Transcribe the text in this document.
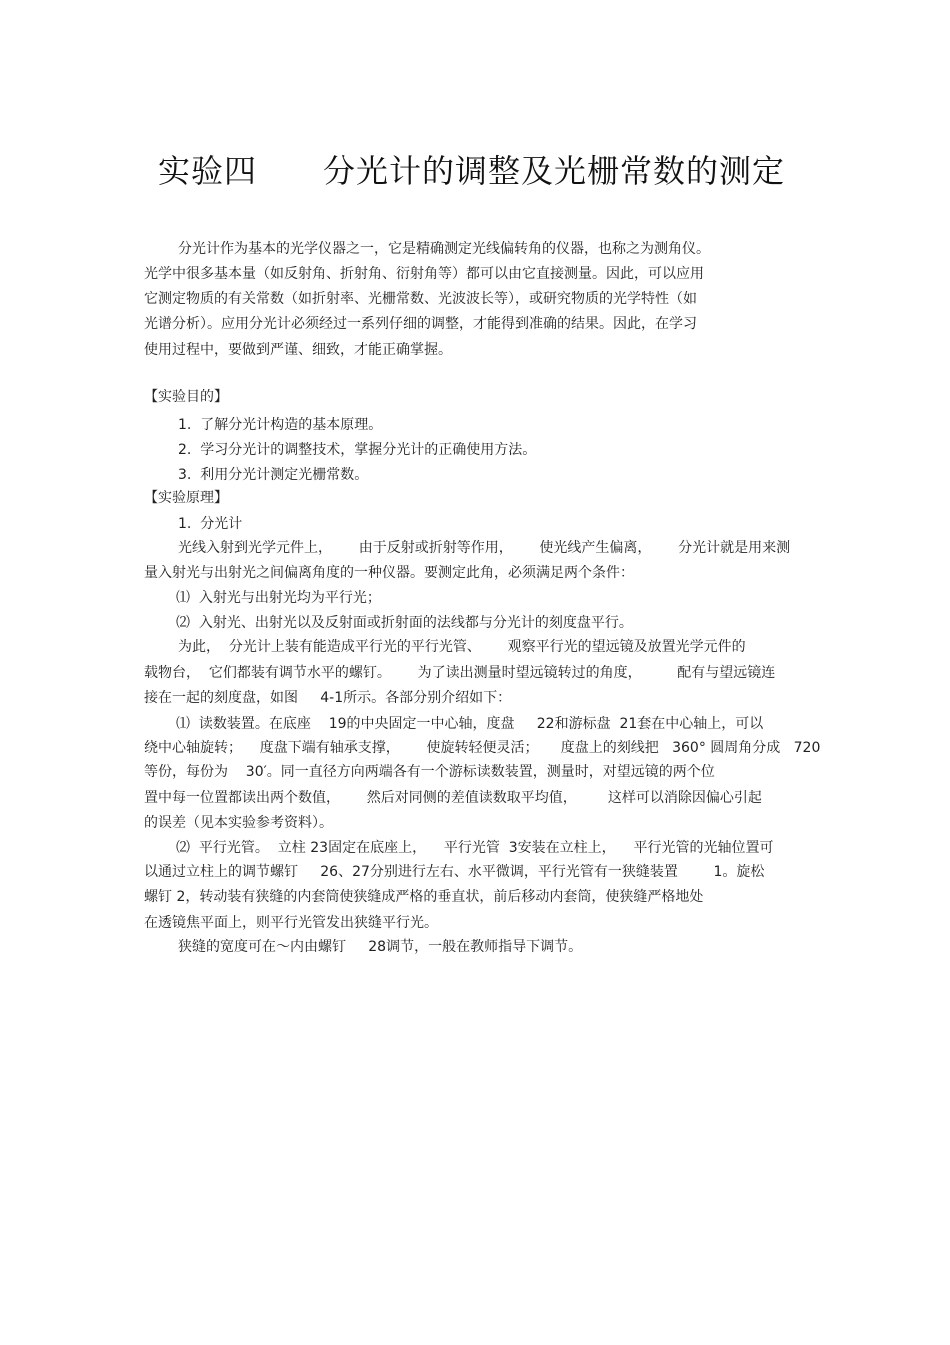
实验四　　分光计的调整及光栅常数的测定
分光计作为基本的光学仪器之一，它是精确测定光线偏转角的仪器，也称之为测角仪。
光学中很多基本量（如反射角、折射角、衍射角等）都可以由它直接测量。因此，可以应用
它测定物质的有关常数（如折射率、光栅常数、光波波长等），或研究物质的光学特性（如
光谱分析）。应用分光计必须经过一系列仔细的调整，才能得到准确的结果。因此，在学习
使用过程中，要做到严谨、细致，才能正确掌握。
【实验目的】
1.  了解分光计构造的基本原理。
2.  学习分光计的调整技术，掌握分光计的正确使用方法。
3.  利用分光计测定光栅常数。
【实验原理】
1.  分光计
光线入射到光学元件上，      由于反射或折射等作用，      使光线产生偏离，      分光计就是用来测
量入射光与出射光之间偏离角度的一种仪器。要测定此角，必须满足两个条件：
⑴  入射光与出射光均为平行光；
⑵  入射光、出射光以及反射面或折射面的法线都与分光计的刻度盘平行。
为此，  分光计上装有能造成平行光的平行光管、      观察平行光的望远镜及放置光学元件的
载物台，  它们都装有调节水平的螺钉。      为了读出测量时望远镜转过的角度，        配有与望远镜连
接在一起的刻度盘，如图     4-1所示。各部分别介绍如下：
⑴  读数装置。在底座    19的中央固定一中心轴，度盘     22和游标盘  21套在中心轴上，可以
绕中心轴旋转；    度盘下端有轴承支撑，      使旋转轻便灵活；     度盘上的刻线把   360° 圆周角分成   720
等份，每份为    30′。同一直径方向两端各有一个游标读数装置，测量时，对望远镜的两个位
置中每一位置都读出两个数值，      然后对同侧的差值读数取平均值，       这样可以消除因偏心引起
的误差（见本实验参考资料）。
⑵  平行光管。  立柱 23固定在底座上，    平行光管  3安装在立柱上，    平行光管的光轴位置可
以通过立柱上的调节螺钉     26、27分别进行左右、水平微调，平行光管有一狭缝装置        1。旋松
螺钉 2，转动装有狭缝的内套筒使狭缝成严格的垂直状，前后移动内套筒，使狭缝严格地处
在透镜焦平面上，则平行光管发出狭缝平行光。
狭缝的宽度可在～内由螺钉     28调节，一般在教师指导下调节。
